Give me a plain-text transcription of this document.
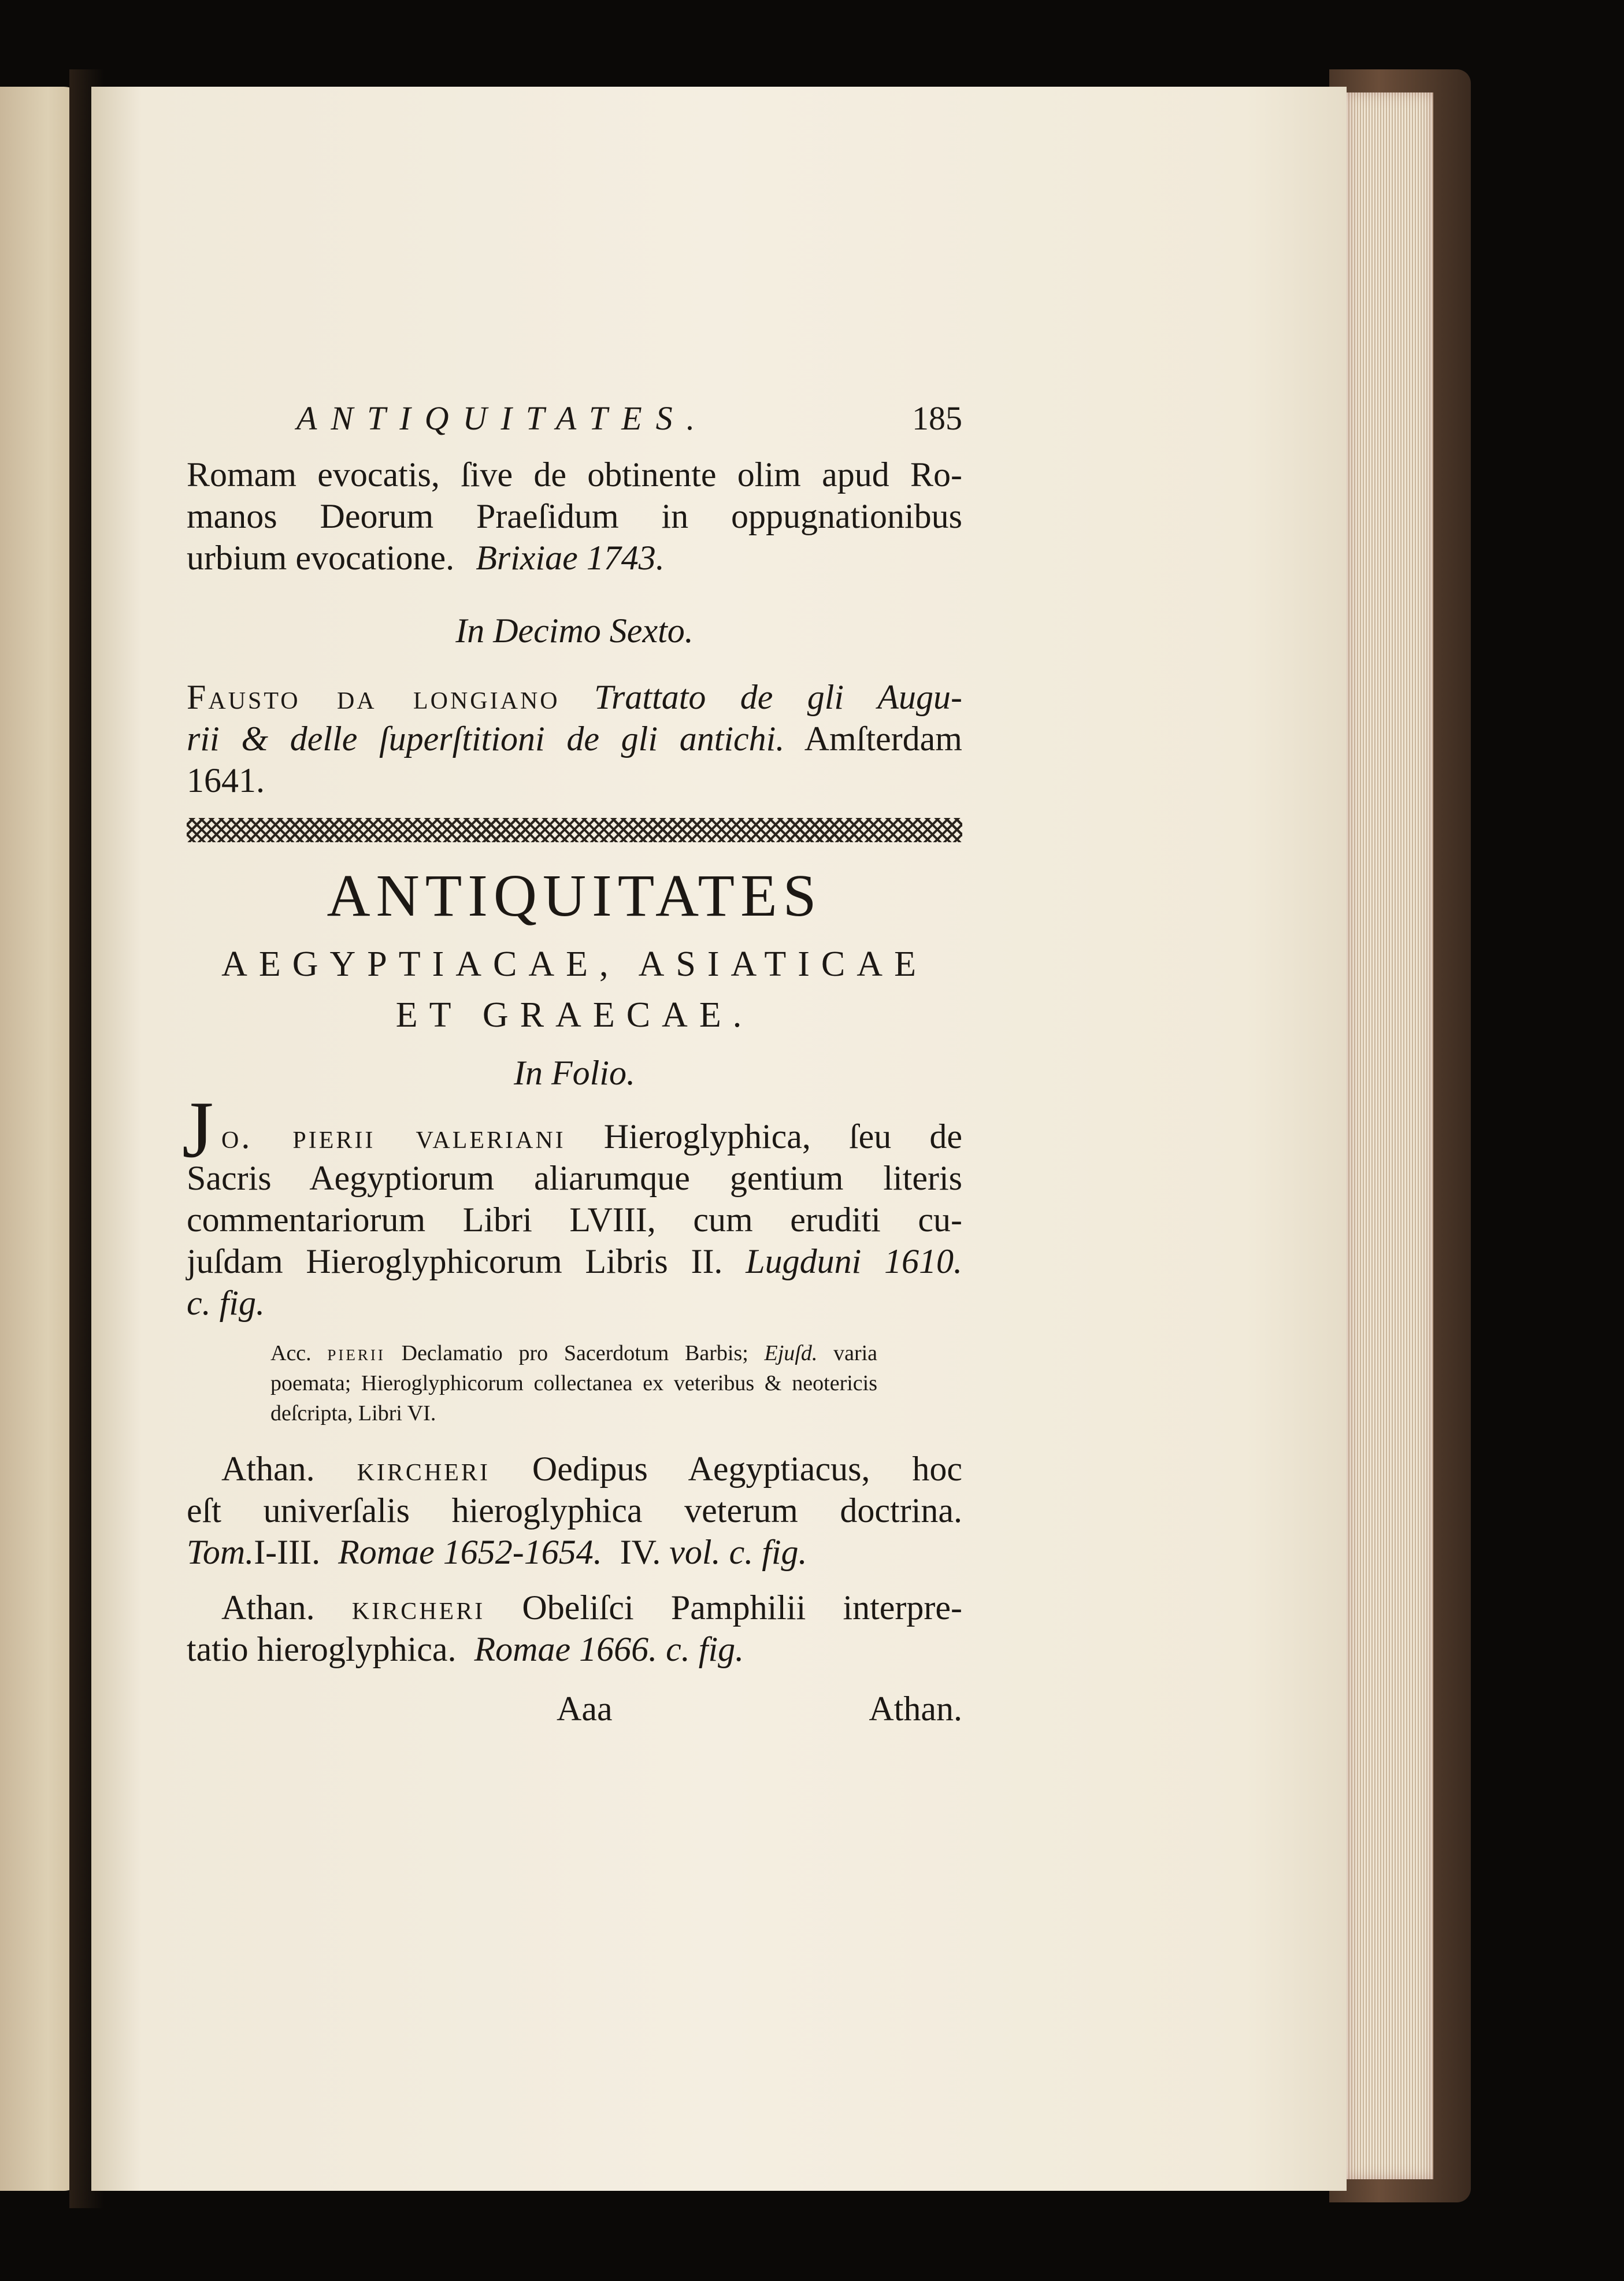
ANTIQUITATES.	185
Romam evocatis, ſive de obtinente olim apud Ro-
manos Deorum Praeſidum in oppugnationibus
urbium evocatione. Brixiae 1743.
In Decimo Sexto.
Fausto da longiano Trattato de gli Augu-
rii & delle ſuperſtitioni de gli antichi. Amſterdam
1641.
ANTIQUITATES
AEGYPTIACAE, ASIATICAE
ET GRAECAE.
In Folio.
J o. pierii valeriani Hieroglyphica, ſeu de
Sacris Aegyptiorum aliarumque gentium literis
commentariorum Libri LVIII, cum eruditi cu-
juſdam Hieroglyphicorum Libris II. Lugduni 1610.
c. fig.
Acc. pierii Declamatio pro Sacerdotum Barbis; Ejuſd. varia
poemata; Hieroglyphicorum collectanea ex veteribus & neotericis
deſcripta, Libri VI.
Athan. kircheri Oedipus Aegyptiacus, hoc
eſt univerſalis hieroglyphica veterum doctrina.
Tom.I-III. Romae 1652-1654. IV. vol. c. fig.
Athan. kircheri Obeliſci Pamphilii interpre-
tatio hieroglyphica. Romae 1666. c. fig.
Aaa	Athan.
